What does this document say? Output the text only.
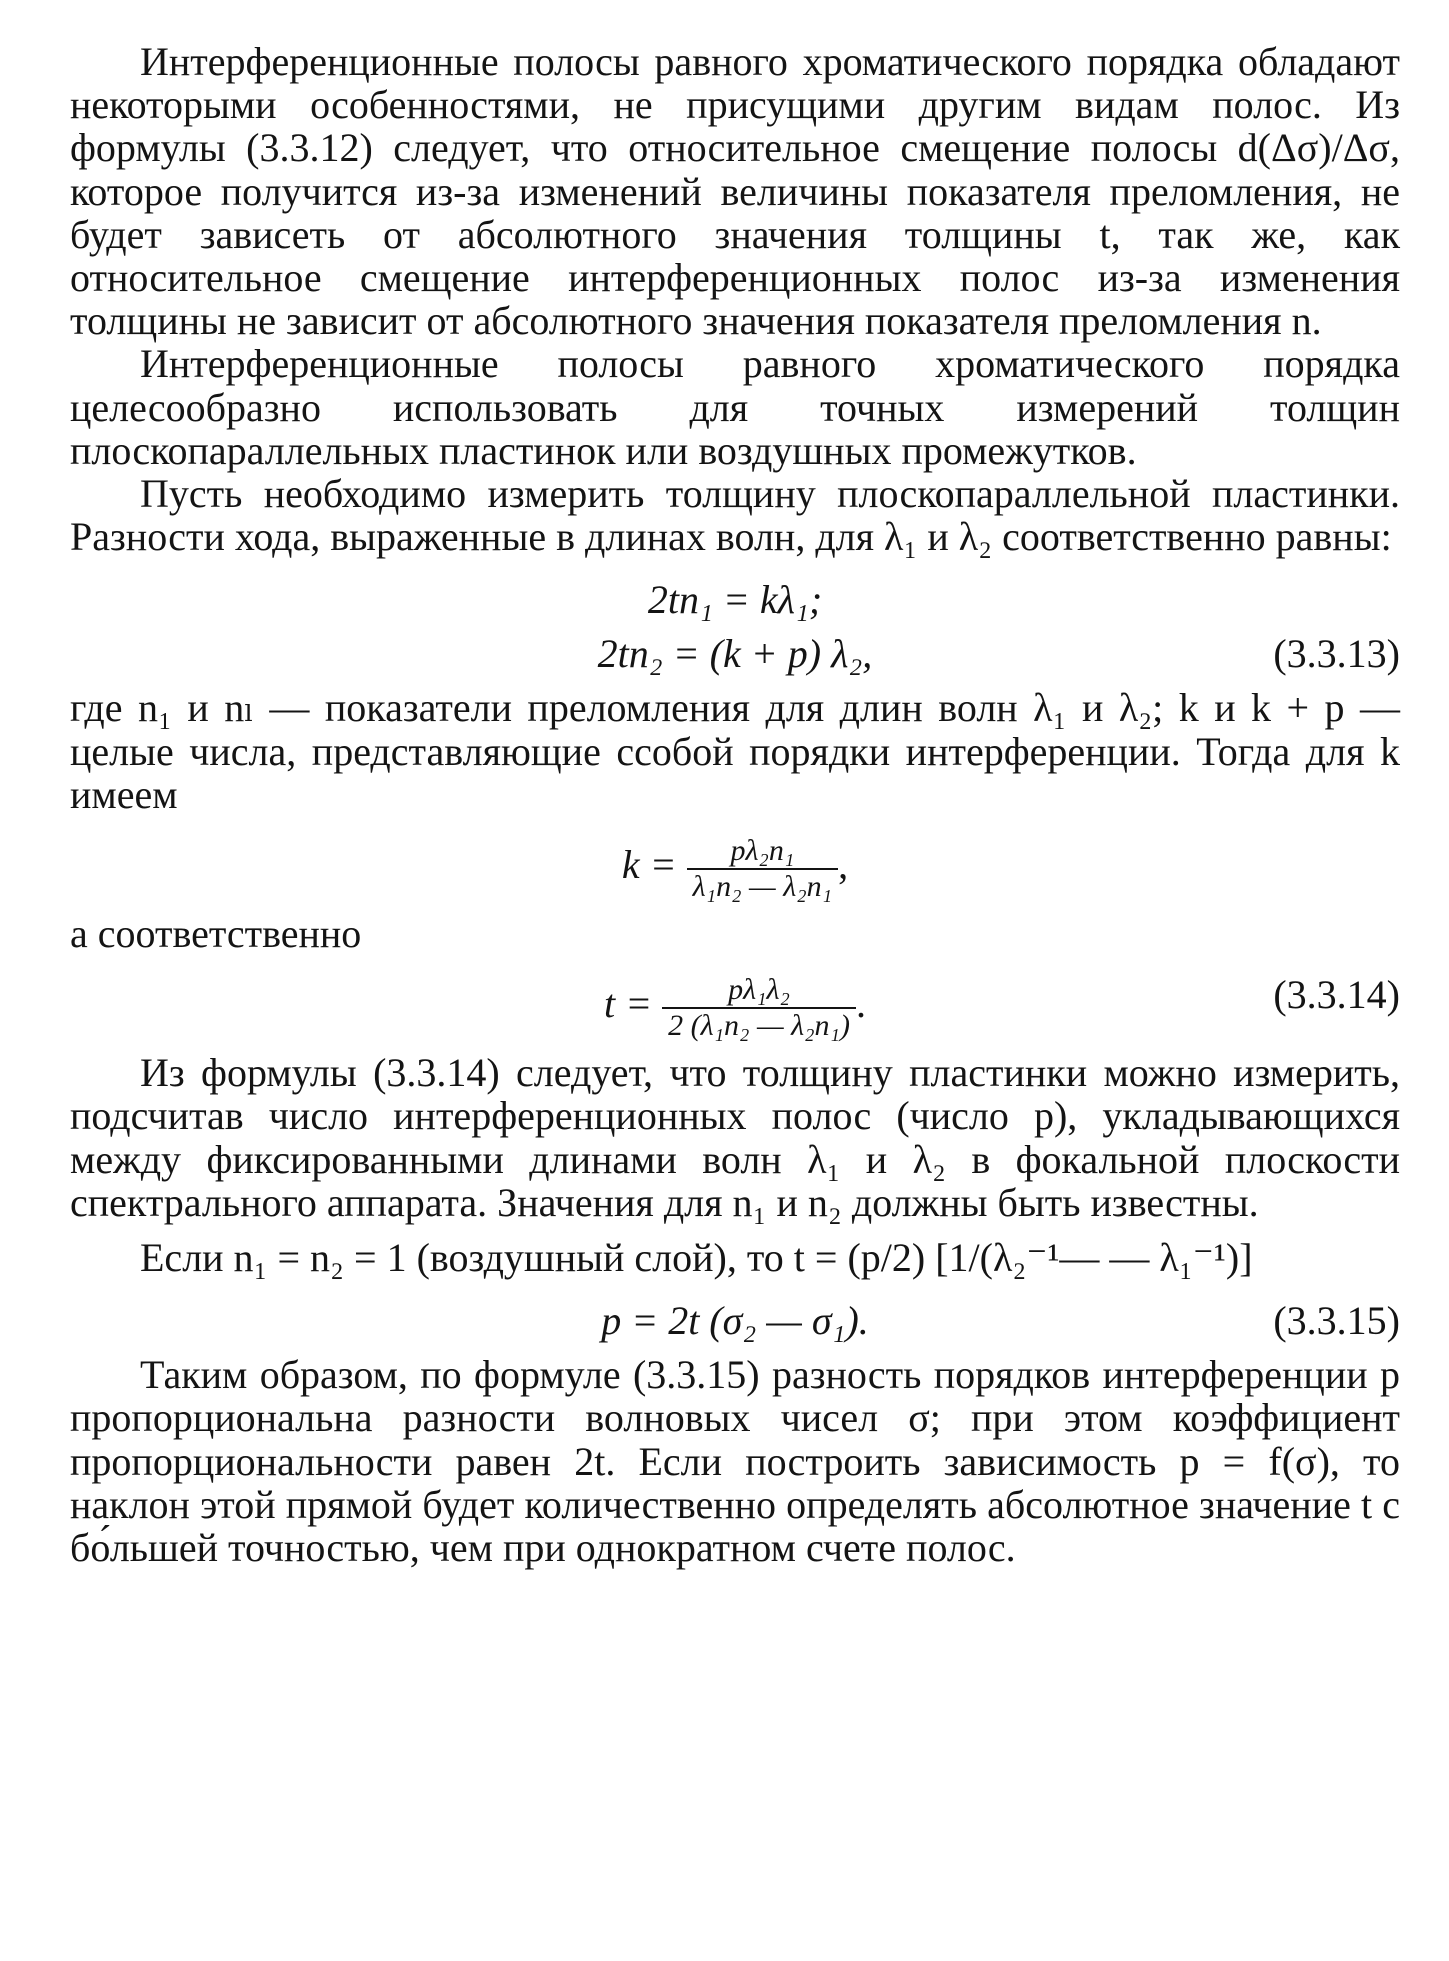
Интерференционные полосы равного хроматического порядка обладают некоторыми особенностями, не присущими другим видам полос. Из формулы (3.3.12) следует, что относительное смещение полосы d(Δσ)/Δσ, которое получится из-за изменений величины показателя преломления, не будет зависеть от абсолютного значения толщины t, так же, как относительное смещение интерференционных полос из-за изменения толщины не зависит от абсолютного значения показателя преломления n.

Интерференционные полосы равного хроматического порядка целесообразно использовать для точных измерений толщин плоскопараллельных пластинок или воздушных промежутков.

Пусть необходимо измерить толщину плоскопараллельной пластинки. Разности хода, выраженные в длинах волн, для λ₁ и λ₂ соответственно равны:

2tn₁ = kλ₁;
2tn₂ = (k + p) λ₂,	(3.3.13)

где n₁ и nₗ — показатели преломления для длин волн λ₁ и λ₂; k и k + p — целые числа, представляющие ссобой порядки интерференции. Тогда для k имеем

$k = \frac{\text{pλ₂n₁}}{\text{λ₁n₂ — λ₂n₁}}$ ,

а соответственно

$t = \frac{\text{pλ₁λ₂}}{\text{2 (λ₁n₂ — λ₂n₁)}}$ .	(3.3.14)

Из формулы (3.3.14) следует, что толщину пластинки можно измерить, подсчитав число интерференционных полос (число p), укладывающихся между фиксированными длинами волн λ₁ и λ₂ в фокальной плоскости спектрального аппарата. Значения для n₁ и n₂ должны быть известны.

Если n₁ = n₂ = 1 (воздушный слой), то t = (p/2) [1/(λ₂⁻¹— — λ₁⁻¹)]

p = 2t (σ₂ — σ₁).	(3.3.15)

Таким образом, по формуле (3.3.15) разность порядков интерференции p пропорциональна разности волновых чисел σ; при этом коэффициент пропорциональности равен 2t. Если построить зависимость p = f(σ), то наклон этой прямой будет количественно определять абсолютное значение t с бо́льшей точностью, чем при однократном счете полос.
